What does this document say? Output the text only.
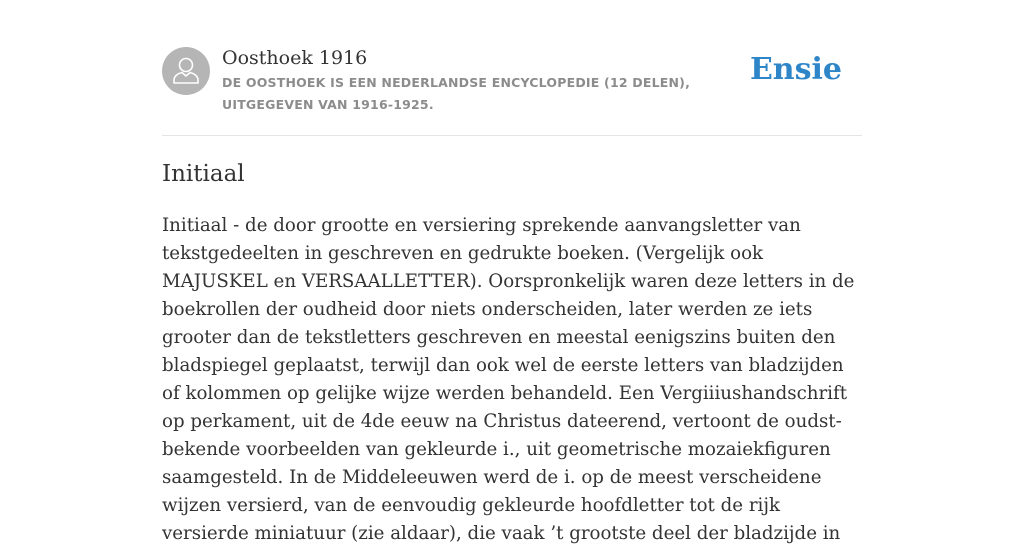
Oosthoek 1916
DE OOSTHOEK IS EEN NEDERLANDSE ENCYCLOPEDIE (12 DELEN), UITGEGEVEN VAN 1916-1925.
Ensie
Initiaal

Initiaal - de door grootte en versiering sprekende aanvangsletter van tekstgedeelten in geschreven en gedrukte boeken. (Vergelijk ook MAJUSKEL en VERSAALLETTER). Oorspronkelijk waren deze letters in de boekrollen der oudheid door niets onderscheiden, later werden ze iets grooter dan de tekstletters geschreven en meestal eenigszins buiten den bladspiegel geplaatst, terwijl dan ook wel de eerste letters van bladzijden of kolommen op gelijke wijze werden behandeld. Een Vergiiiushandschrift op perkament, uit de 4de eeuw na Christus dateerend, vertoont de oudst-bekende voorbeelden van gekleurde i., uit geometrische mozaiekfiguren saamgesteld. In de Middeleeuwen werd de i. op de meest verscheidene wijzen versierd, van de eenvoudig gekleurde hoofdletter tot de rijk versierde miniatuur (zie aldaar), die vaak ’t grootste deel der bladzijde in
